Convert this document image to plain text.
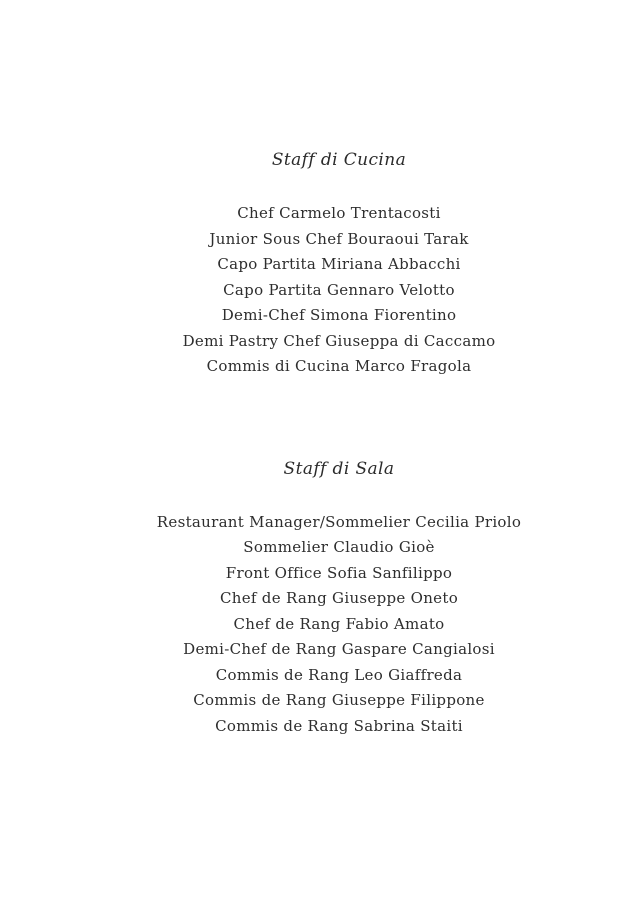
Staff di Cucina
Chef Carmelo Trentacosti
Junior Sous Chef Bouraoui Tarak
Capo Partita Miriana Abbacchi
Capo Partita Gennaro Velotto
Demi-Chef Simona Fiorentino
Demi Pastry Chef Giuseppa di Caccamo
Commis di Cucina Marco Fragola
Staff di Sala
Restaurant Manager/Sommelier Cecilia Priolo
Sommelier Claudio Gioè
Front Office Sofia Sanfilippo
Chef de Rang Giuseppe Oneto
Chef de Rang Fabio Amato
Demi-Chef de Rang Gaspare Cangialosi
Commis de Rang Leo Giaffreda
Commis de Rang Giuseppe Filippone
Commis de Rang Sabrina Staiti
